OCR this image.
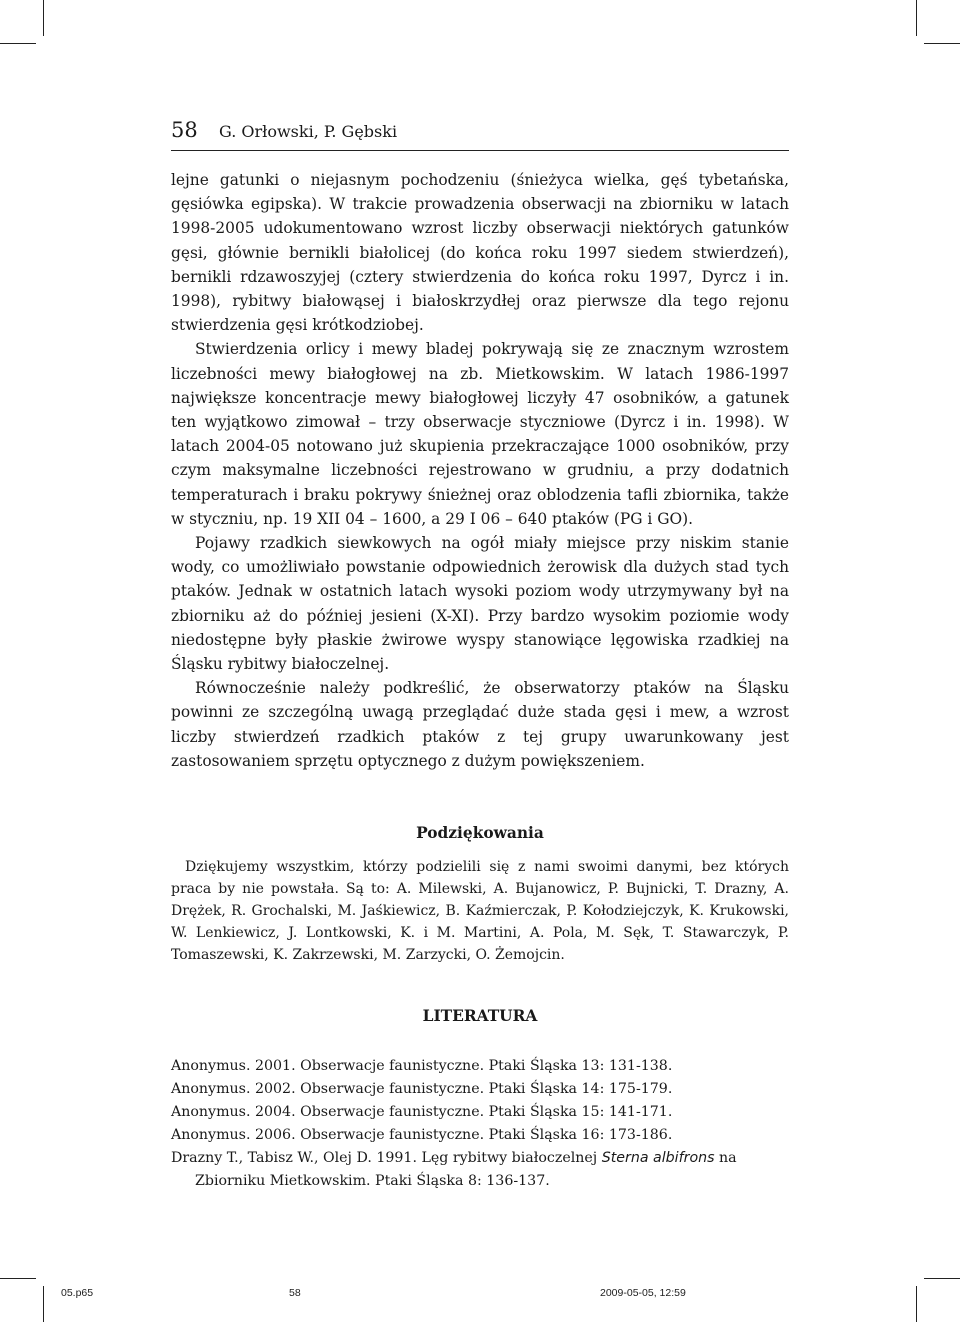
58 G. Orłowski, P. Gębski

lejne gatunki o niejasnym pochodzeniu (śnieżyca wielka, gęś tybetańska, gęsiówka egipska). W trakcie prowadzenia obserwacji na zbiorniku w latach 1998-2005 udokumentowano wzrost liczby obserwacji niektórych gatunków gęsi, głównie bernikli białolicej (do końca roku 1997 siedem stwierdzeń), bernikli rdzawoszyjej (cztery stwierdzenia do końca roku 1997, Dyrcz i in. 1998), rybitwy białowąsej i białoskrzydłej oraz pierwsze dla tego rejonu stwierdzenia gęsi krótkodziobej.

Stwierdzenia orlicy i mewy bladej pokrywają się ze znacznym wzrostem liczebności mewy białogłowej na zb. Mietkowskim. W latach 1986-1997 największe koncentracje mewy białogłowej liczyły 47 osobników, a gatunek ten wyjątkowo zimował – trzy obserwacje styczniowe (Dyrcz i in. 1998). W latach 2004-05 notowano już skupienia przekraczające 1000 osobników, przy czym maksymalne liczebności rejestrowano w grudniu, a przy dodatnich temperaturach i braku pokrywy śnieżnej oraz oblodzenia tafli zbiornika, także w styczniu, np. 19 XII 04 – 1600, a 29 I 06 – 640 ptaków (PG i GO).

Pojawy rzadkich siewkowych na ogół miały miejsce przy niskim stanie wody, co umożliwiało powstanie odpowiednich żerowisk dla dużych stad tych ptaków. Jednak w ostatnich latach wysoki poziom wody utrzymywany był na zbiorniku aż do później jesieni (X-XI). Przy bardzo wysokim poziomie wody niedostępne były płaskie żwirowe wyspy stanowiące lęgowiska rzadkiej na Śląsku rybitwy białoczelnej.

Równocześnie należy podkreślić, że obserwatorzy ptaków na Śląsku powinni ze szczególną uwagą przeglądać duże stada gęsi i mew, a wzrost liczby stwierdzeń rzadkich ptaków z tej grupy uwarunkowany jest zastosowaniem sprzętu optycznego z dużym powiększeniem.

Podziękowania

Dziękujemy wszystkim, którzy podzielili się z nami swoimi danymi, bez których praca by nie powstała. Są to: A. Milewski, A. Bujanowicz, P. Bujnicki, T. Drazny, A. Drężek, R. Grochalski, M. Jaśkiewicz, B. Kaźmierczak, P. Kołodziejczyk, K. Krukowski, W. Lenkiewicz, J. Lontkowski, K. i M. Martini, A. Pola, M. Sęk, T. Stawarczyk, P. Tomaszewski, K. Zakrzewski, M. Zarzycki, O. Żemojcin.

LITERATURA
Anonymus. 2001. Obserwacje faunistyczne. Ptaki Śląska 13: 131-138.
Anonymus. 2002. Obserwacje faunistyczne. Ptaki Śląska 14: 175-179.
Anonymus. 2004. Obserwacje faunistyczne. Ptaki Śląska 15: 141-171.
Anonymus. 2006. Obserwacje faunistyczne. Ptaki Śląska 16: 173-186.
Drazny T., Tabisz W., Olej D. 1991. Lęg rybitwy białoczelnej Sterna albifrons na Zbiorniku Mietkowskim. Ptaki Śląska 8: 136-137.
05.p65	58	2009-05-05, 12:59
